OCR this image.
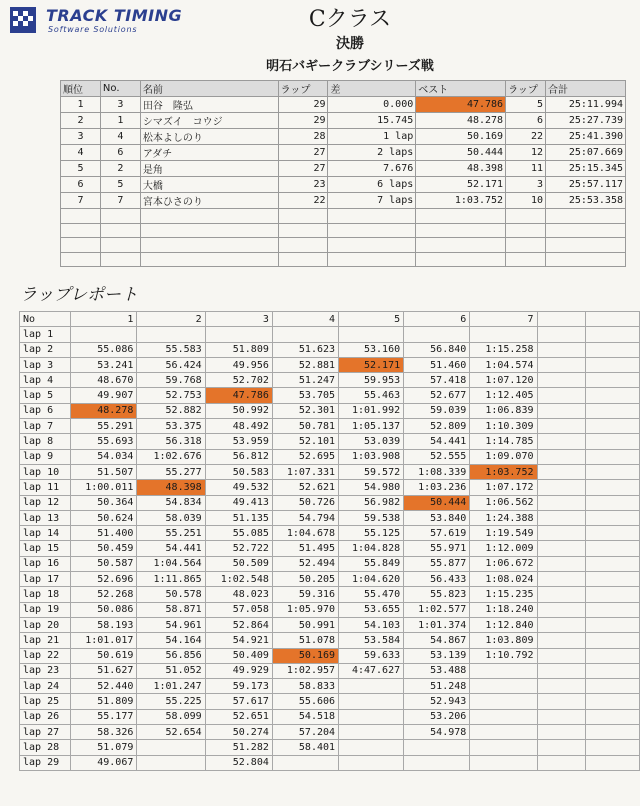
TRACK TIMING
Software Solutions	Cクラス
決勝
明石バギークラブシリーズ戦
順位	No.	名前	ラップ	差	ベスト	ラップ	合計
1	3	田谷　隆弘	29	0.000	47.786	5	25:11.994
2	1	シマズイ　コウジ	29	15.745	48.278	6	25:27.739
3	4	松本よしのり	28	1 lap	50.169	22	25:41.390
4	6	アダチ	27	2 laps	50.444	12	25:07.669
5	2	是角	27	7.676	48.398	11	25:15.345
6	5	大橋	23	6 laps	52.171	3	25:57.117
7	7	宮本ひさのり	22	7 laps	1:03.752	10	25:53.358

ラップレポート
No	1	2	3	4	5	6	7		
lap 1									
lap 2	55.086	55.583	51.809	51.623	53.160	56.840	1:15.258		
lap 3	53.241	56.424	49.956	52.881	52.171	51.460	1:04.574		
lap 4	48.670	59.768	52.702	51.247	59.953	57.418	1:07.120		
lap 5	49.907	52.753	47.786	53.705	55.463	52.677	1:12.405		
lap 6	48.278	52.882	50.992	52.301	1:01.992	59.039	1:06.839		
lap 7	55.291	53.375	48.492	50.781	1:05.137	52.809	1:10.309		
lap 8	55.693	56.318	53.959	52.101	53.039	54.441	1:14.785		
lap 9	54.034	1:02.676	56.812	52.695	1:03.908	52.555	1:09.070		
lap 10	51.507	55.277	50.583	1:07.331	59.572	1:08.339	1:03.752		
lap 11	1:00.011	48.398	49.532	52.621	54.980	1:03.236	1:07.172		
lap 12	50.364	54.834	49.413	50.726	56.982	50.444	1:06.562		
lap 13	50.624	58.039	51.135	54.794	59.538	53.840	1:24.388		
lap 14	51.400	55.251	55.085	1:04.678	55.125	57.619	1:19.549		
lap 15	50.459	54.441	52.722	51.495	1:04.828	55.971	1:12.009		
lap 16	50.587	1:04.564	50.509	52.494	55.849	55.877	1:06.672		
lap 17	52.696	1:11.865	1:02.548	50.205	1:04.620	56.433	1:08.024		
lap 18	52.268	50.578	48.023	59.316	55.470	55.823	1:15.235		
lap 19	50.086	58.871	57.058	1:05.970	53.655	1:02.577	1:18.240		
lap 20	58.193	54.961	52.864	50.991	54.103	1:01.374	1:12.840		
lap 21	1:01.017	54.164	54.921	51.078	53.584	54.867	1:03.809		
lap 22	50.619	56.856	50.409	50.169	59.633	53.139	1:10.792		
lap 23	51.627	51.052	49.929	1:02.957	4:47.627	53.488			
lap 24	52.440	1:01.247	59.173	58.833		51.248			
lap 25	51.809	55.225	57.617	55.606		52.943			
lap 26	55.177	58.099	52.651	54.518		53.206			
lap 27	58.326	52.654	50.274	57.204		54.978			
lap 28	51.079		51.282	58.401					
lap 29	49.067		52.804						
